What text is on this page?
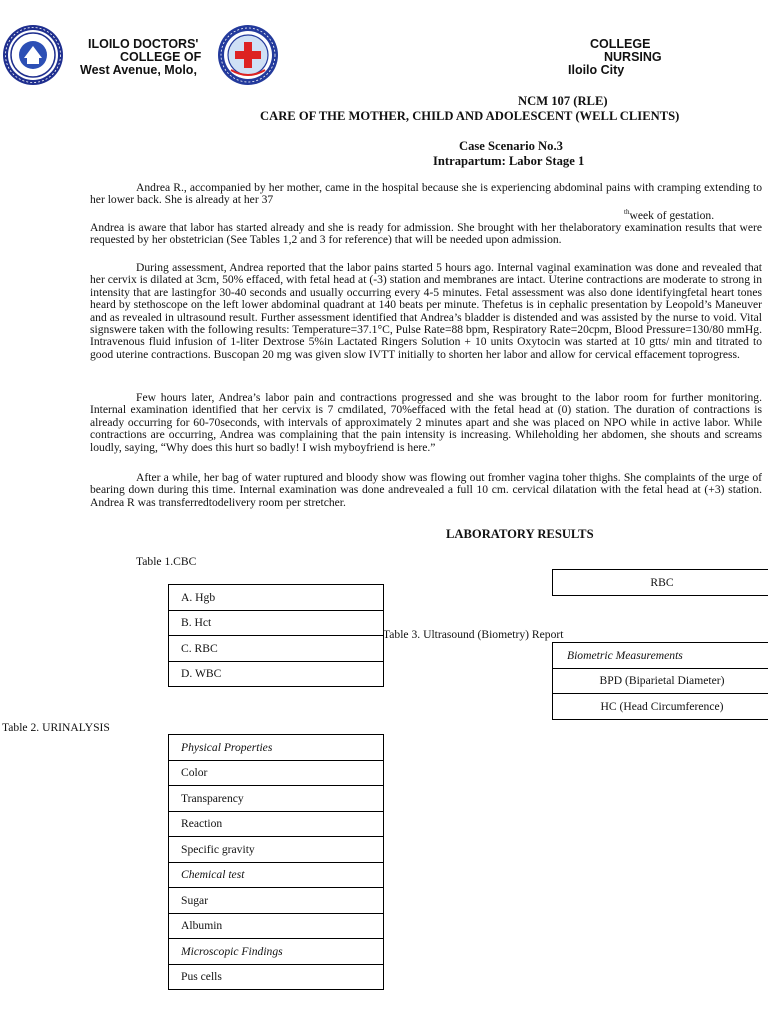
ILOILO DOCTORS'
COLLEGE OF
West Avenue, Molo,
COLLEGE
NURSING
Iloilo City
NCM 107 (RLE)
CARE OF THE MOTHER, CHILD AND ADOLESCENT (WELL CLIENTS)
Case Scenario No.3
Intrapartum: Labor Stage 1
Andrea R., accompanied by her mother, came in the hospital because she is experiencing abdominal pains with cramping extending to her lower back. She is already at her 37
$^{th}$week of gestation.
Andrea is aware that labor has started already and she is ready for admission. She brought with her thelaboratory examination results that were requested by her obstetrician (See Tables 1,2 and 3 for reference) that will be needed upon admission.
During assessment, Andrea reported that the labor pains started 5 hours ago. Internal vaginal examination was done and revealed that her cervix is dilated at 3cm, 50% effaced, with fetal head at (-3) station and membranes are intact. Uterine contractions are moderate to strong in intensity that are lastingfor 30-40 seconds and usually occurring every 4-5 minutes. Fetal assessment was also done identifyingfetal heart tones heard by stethoscope on the left lower abdominal quadrant at 140 beats per minute. Thefetus is in cephalic presentation by Leopold’s Maneuver and as revealed in ultrasound result. Further assessment identified that Andrea’s bladder is distended and was assisted by the nurse to void. Vital signswere taken with the following results: Temperature=37.1°C, Pulse Rate=88 bpm, Respiratory Rate=20cpm, Blood Pressure=130/80 mmHg. Intravenous fluid infusion of 1-liter Dextrose 5%in Lactated Ringers Solution + 10 units Oxytocin was started at 10 gtts/ min and titrated to good uterine contractions. Buscopan 20 mg was given slow IVTT initially to shorten her labor and allow for cervical effacement toprogress.
Few hours later, Andrea’s labor pain and contractions progressed and she was brought to the labor room for further monitoring. Internal examination identified that her cervix is 7 cmdilated, 70%effaced with the fetal head at (0) station. The duration of contractions is already occurring for 60-70seconds, with intervals of approximately 2 minutes apart and she was placed on NPO while in active labor. While contractions are occurring, Andrea was complaining that the pain intensity is increasing. Whileholding her abdomen, she shouts and screams loudly, saying, “Why does this hurt so badly! I wish myboyfriend is here.”
After a while, her bag of water ruptured and bloody show was flowing out fromher vagina toher thighs. She complaints of the urge of bearing down during this time. Internal examination was done andrevealed a full 10 cm. cervical dilatation with the fetal head at (+3) station. Andrea R was transferredtodelivery room per stretcher.
LABORATORY RESULTS
Table 1.CBC
A. Hgb
B. Hct
C. RBC
D. WBC
RBC
Table 3. Ultrasound (Biometry) Report
Biometric Measurements
BPD (Biparietal Diameter)
HC (Head Circumference)
Table 2. URINALYSIS
Physical Properties
Color
Transparency
Reaction
Specific gravity
Chemical test
Sugar
Albumin
Microscopic Findings
Pus cells
